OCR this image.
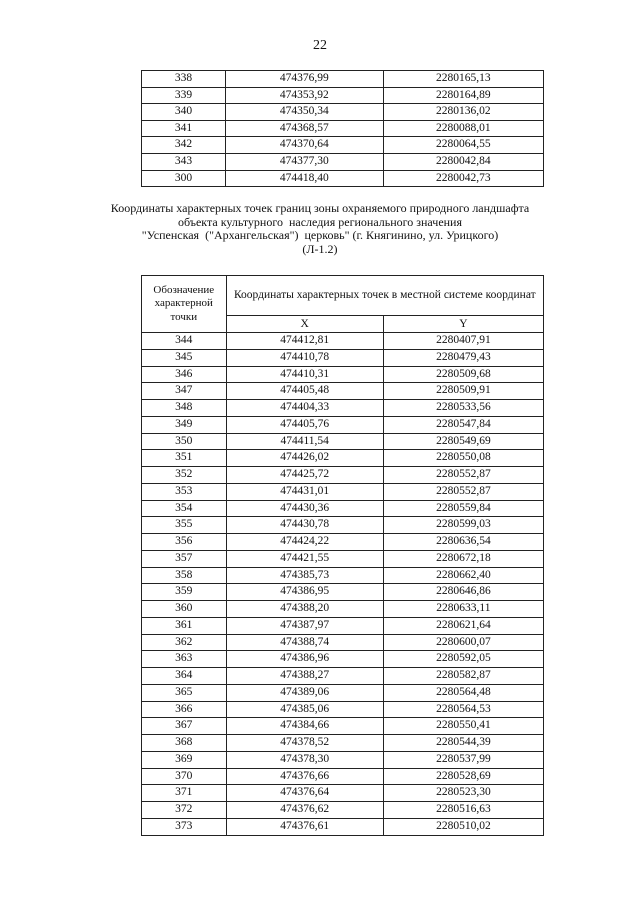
22
338	474376,99	2280165,13
339	474353,92	2280164,89
340	474350,34	2280136,02
341	474368,57	2280088,01
342	474370,64	2280064,55
343	474377,30	2280042,84
300	474418,40	2280042,73
Координаты характерных точек границ зоны охраняемого природного ландшафта
объекта культурного  наследия регионального значения
"Успенская  ("Архангельская")  церковь" (г. Княгинино, ул. Урицкого)
(Л-1.2)
Обозначение характерной точки	Координаты характерных точек в местной системе координат	
	X	Y
344	474412,81	2280407,91
345	474410,78	2280479,43
346	474410,31	2280509,68
347	474405,48	2280509,91
348	474404,33	2280533,56
349	474405,76	2280547,84
350	474411,54	2280549,69
351	474426,02	2280550,08
352	474425,72	2280552,87
353	474431,01	2280552,87
354	474430,36	2280559,84
355	474430,78	2280599,03
356	474424,22	2280636,54
357	474421,55	2280672,18
358	474385,73	2280662,40
359	474386,95	2280646,86
360	474388,20	2280633,11
361	474387,97	2280621,64
362	474388,74	2280600,07
363	474386,96	2280592,05
364	474388,27	2280582,87
365	474389,06	2280564,48
366	474385,06	2280564,53
367	474384,66	2280550,41
368	474378,52	2280544,39
369	474378,30	2280537,99
370	474376,66	2280528,69
371	474376,64	2280523,30
372	474376,62	2280516,63
373	474376,61	2280510,02
